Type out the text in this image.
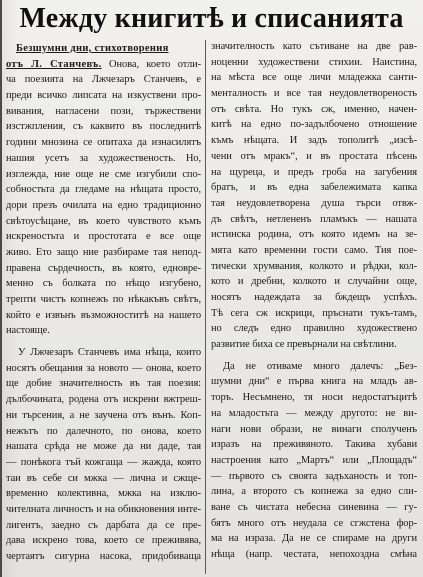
Между книгитѣ и списанията
Безшумни дни, стихотворения
отъ Л. Станчевъ. Онова, което отли-
ча поезията на Лжчезаръ Станчевъ, е
преди всичко липсата на изкуствени про-
вивания, нагласени пози, тържествени
изстжпления, съ каквито въ последнитѣ
години мнозина се опитаха да изнасилятъ
нашия усетъ за художественость. Но,
изглежда, ние още не сме изгубили спо-
собностьта да гледаме на нѣщата просто,
дори презъ очилата на едно традиционно
свѣтоусѣщане, въ което чувството къмъ
искреностьта и простотата е все още
живо. Ето защо ние разбираме тая непод-
правена сърдечность, въ която, едновре-
менно съ болката по нѣщо изгубено,
трепти чистъ копнежъ по нѣкакъвъ свѣтъ,
който е извънъ възможноститѣ на нашето
настояще.
У Лжчезаръ Станчевъ има нѣща, които
носятъ обещания за новото — онова, което
ще добие значителность въ тая поезия:
дълбочината, родена отъ искрени вжтреш-
ни търсения, а не заучена отъ вънъ. Коп-
нежътъ по далечното, по онова, което
нашата срѣда не може да ни даде, тая
— понѣкога тъй кожгаща — жажда, която
таи въ себе си мжка — лична и сжще-
временно колективна, мжка на изклю-
чителната личность и на обикновения инте-
лигентъ, заедно съ дарбата да се пре-
дава искрено това, което се преживява,
чертаятъ сигурна насока, придобиваща
значителность като сътиване на две рав-
ноценни художествени стихии. Наистина,
на мѣста все още личи младежка санти-
менталность и все тая неудовлетвореность
отъ свѣта. Но тукъ сж, именно, начен-
китѣ на едно по-задълбочено отношение
къмъ нѣщата. И задъ тополитѣ „изсѣ-
чени отъ мракъ“, и въ простата пѣсень
на щуреца, и предъ гроба на загубения
братъ, и въ една забележимата капка
тая неудовлетворена душа търси отвж-
дъ свѣтъ, нетлененъ пламъкъ — нашата
истинска родина, отъ която идемъ на зе-
мята като временни гости само. Тия пое-
тически хрумвания, колкото и рѣдки, кол-
кото и дребни, колкото и случайни още,
носятъ надеждата за бждещъ успѣхъ.
Тѣ сега сж искрици, пръснати тукъ-тамъ,
но следъ едно правилно художествено
развитие биха се превърнали на свѣтлини.
Да не отиваме много далечъ: „Без-
шумни дни“ е първа книга на младъ ав-
торъ. Несъмнено, тя носи недостатъцитѣ
на младостьта — между другото: не ви-
наги нови образи, не винаги сполученъ
изразъ на преживяното. Такива хубави
настроения като „Мартъ“ или „Площадъ“
— първото съ своята задъханость и топ-
лина, а второто съ копнежа за едно сли-
ване съ чистата небесна синевина — гу-
бятъ много отъ неудала се сгжстена фор-
ма на израза. Да не се спираме на други
нѣща (напр. честата, непохоздна смѣна
